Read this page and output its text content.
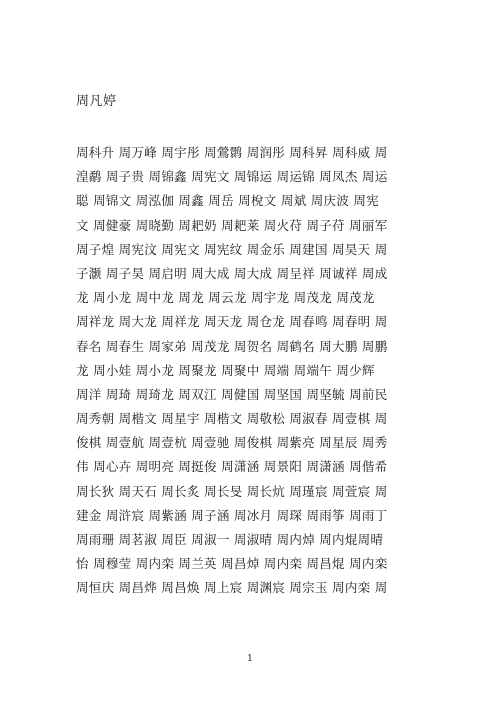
周凡婷
周科升 周万峰 周宇彤 周鶯鹮 周润彤 周科昇 周科威 周
湟鹬 周子贵 周锦鑫 周宪文 周锦运 周运锦 周凤杰 周运
聪 周锦文 周泓伽 周鑫 周岳 周梲文 周斌 周庆波 周宪
文 周健豪 周晓勤 周耙奶 周耙莱 周火苻 周子苻 周丽军
周子煌 周宪汶 周宪文 周宪纹 周金乐 周建国 周昊天 周
子灏 周子昊 周启明 周大成 周大成 周呈祥 周诚祥 周成
龙 周小龙 周中龙 周龙 周云龙 周宇龙 周茂龙 周茂龙
周祥龙 周大龙 周祥龙 周天龙 周仓龙 周春鸣 周春明 周
春名 周春生 周家弟 周茂龙 周贺名 周鹤名 周大鹏 周鹏
龙 周小娃 周小龙 周聚龙 周聚中 周端 周端午 周少辉
周洋 周琦 周琦龙 周双江 周健国 周坚国 周坚毓 周前民
周秀朝 周楷文 周星宇 周楷文 周敬松 周淑春 周壹棋 周
俊棋 周壹航 周壹杭 周壹驰 周俊棋 周紫亮 周星辰 周秀
伟 周心卉 周明亮 周挺俊 周潇涵 周景阳 周潇涵 周偕希
周长狄 周天石 周长炙 周长旻 周长炕 周瑾宸 周萱宸 周
建金 周浒宸 周紫涵 周子涵 周冰月 周琛 周雨筝 周雨丁
周雨珊 周茗淑 周臣 周淑一 周淑晴 周内焯 周内焜周晴
怡 周穆莹 周内栾 周兰英 周昌焯 周内栾 周昌焜 周内栾
周恒庆 周昌烨 周昌焕 周上宸 周渊宸 周宗玉 周内栾 周
1
